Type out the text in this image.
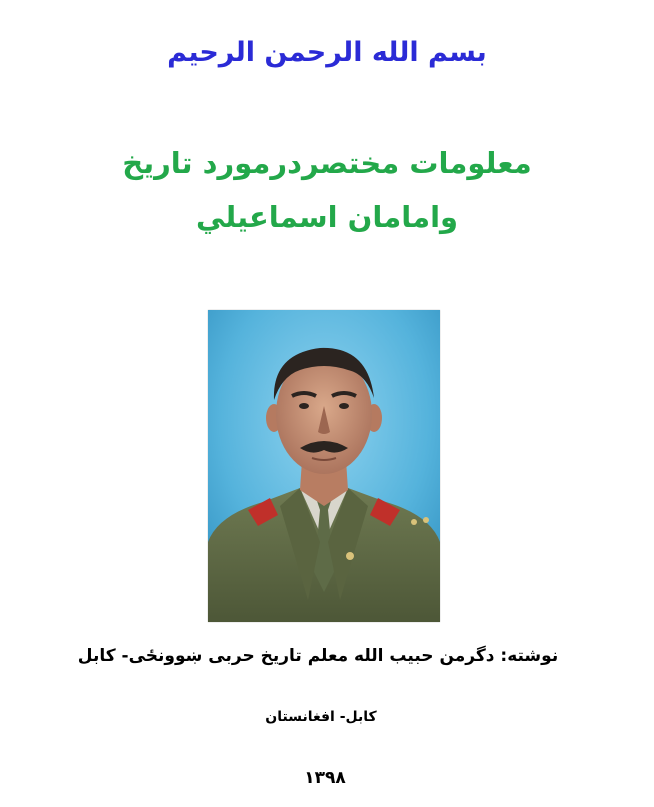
بسم الله الرحمن الرحیم
معلومات مختصردرمورد تاریخ
وامامان اسماعیلي
نوشته: دگرمن حبیب الله معلم تاریخ حربی ښوونځی- کابل
کابل- افغانستان
١٣٩٨
